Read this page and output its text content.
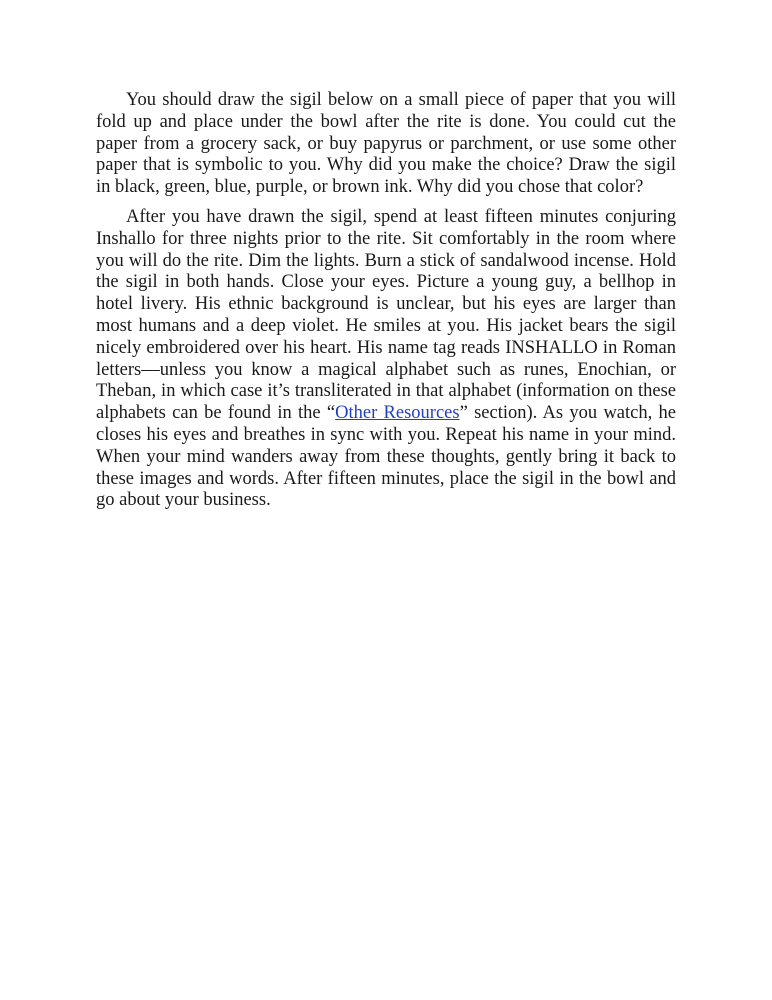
You should draw the sigil below on a small piece of paper that you will fold up and place under the bowl after the rite is done. You could cut the paper from a grocery sack, or buy papyrus or parchment, or use some other paper that is symbolic to you. Why did you make the choice? Draw the sigil in black, green, blue, purple, or brown ink. Why did you chose that color?

After you have drawn the sigil, spend at least fifteen minutes conjuring Inshallo for three nights prior to the rite. Sit comfortably in the room where you will do the rite. Dim the lights. Burn a stick of sandalwood incense. Hold the sigil in both hands. Close your eyes. Picture a young guy, a bellhop in hotel livery. His ethnic background is unclear, but his eyes are larger than most humans and a deep violet. He smiles at you. His jacket bears the sigil nicely embroidered over his heart. His name tag reads INSHALLO in Roman letters—unless you know a magical alphabet such as runes, Enochian, or Theban, in which case it’s transliterated in that alphabet (information on these alphabets can be found in the “Other Resources” section). As you watch, he closes his eyes and breathes in sync with you. Repeat his name in your mind. When your mind wanders away from these thoughts, gently bring it back to these images and words. After fifteen minutes, place the sigil in the bowl and go about your business.
